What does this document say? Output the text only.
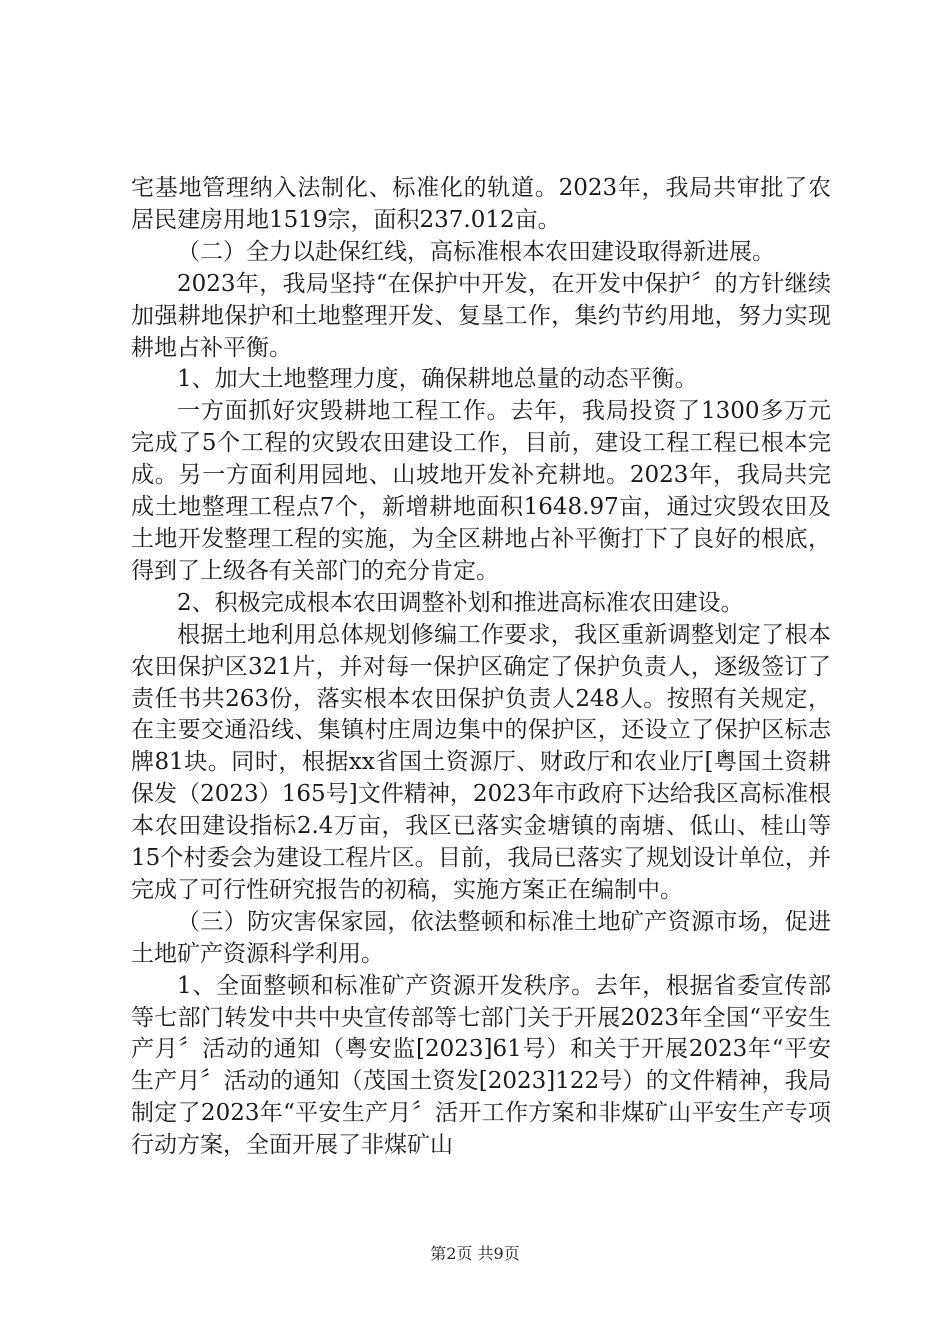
宅基地管理纳入法制化、标准化的轨道。2023年，我局共审批了农居民建房用地1519宗，面积237.012亩。

（二）全力以赴保红线，高标准根本农田建设取得新进展。

2023年，我局坚持“在保护中开发，在开发中保护〞的方针继续加强耕地保护和土地整理开发、复垦工作，集约节约用地，努力实现耕地占补平衡。

1、加大土地整理力度，确保耕地总量的动态平衡。

一方面抓好灾毁耕地工程工作。去年，我局投资了1300多万元完成了5个工程的灾毁农田建设工作，目前，建设工程工程已根本完成。另一方面利用园地、山坡地开发补充耕地。2023年，我局共完成土地整理工程点7个，新增耕地面积1648.97亩，通过灾毁农田及土地开发整理工程的实施，为全区耕地占补平衡打下了良好的根底，得到了上级各有关部门的充分肯定。

2、积极完成根本农田调整补划和推进高标准农田建设。

根据土地利用总体规划修编工作要求，我区重新调整划定了根本农田保护区321片，并对每一保护区确定了保护负责人，逐级签订了责任书共263份，落实根本农田保护负责人248人。按照有关规定，在主要交通沿线、集镇村庄周边集中的保护区，还设立了保护区标志牌81块。同时，根据xx省国土资源厅、财政厅和农业厅[粤国土资耕保发（2023）165号]文件精神，2023年市政府下达给我区高标准根本农田建设指标2.4万亩，我区已落实金塘镇的南塘、低山、桂山等15个村委会为建设工程片区。目前，我局已落实了规划设计单位，并完成了可行性研究报告的初稿，实施方案正在编制中。

（三）防灾害保家园，依法整顿和标准土地矿产资源市场，促进土地矿产资源科学利用。

1、全面整顿和标准矿产资源开发秩序。去年，根据省委宣传部等七部门转发中共中央宣传部等七部门关于开展2023年全国“平安生产月〞活动的通知（粤安监[2023]61号）和关于开展2023年“平安生产月〞活动的通知（茂国土资发[2023]122号）的文件精神，我局制定了2023年“平安生产月〞活开工作方案和非煤矿山平安生产专项行动方案，全面开展了非煤矿山

第2页 共9页
